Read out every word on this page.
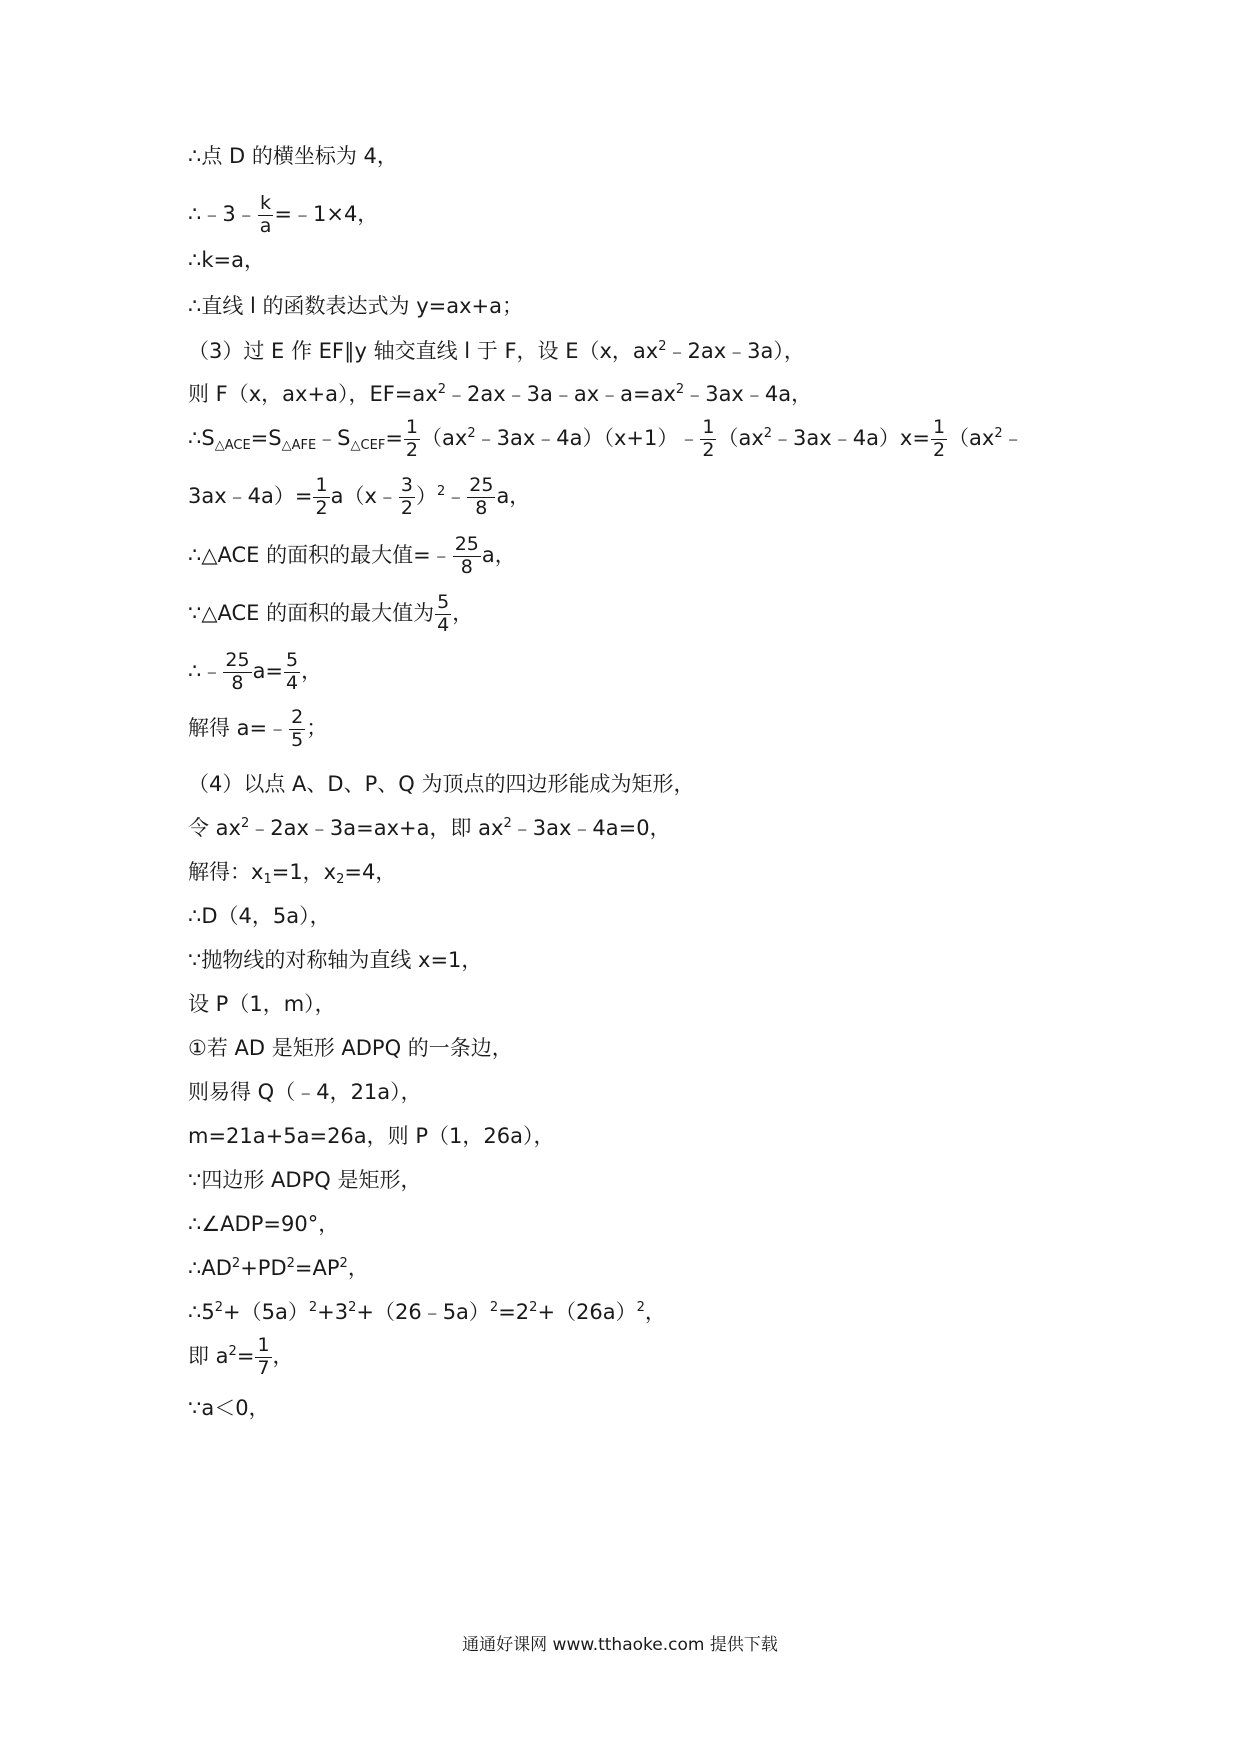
∴点 D 的横坐标为 4，
∴﹣3﹣ $\frac{k}{a}$ =﹣1×4，
∴k=a，
∴直线 l 的函数表达式为 y=ax+a；
（3）过 E 作 EF∥y 轴交直线 l 于 F，设 E（x，$ax^2﹣2ax﹣3a$），
则 F（x，ax+a），$EF=ax^2﹣2ax﹣3a﹣ax﹣a=ax^2﹣3ax﹣4a$，
$\therefore S_{\triangle ACE}=S_{\triangle AFE}﹣S_{\triangle CEF}= \frac{1}{2}$ $(ax^2﹣3ax﹣4a)(x+1)﹣ \frac{1}{2}$ $(ax^2﹣3ax﹣4a)x= \frac{1}{2}$ （$ax^2﹣$
3ax﹣4a）= $\frac{1}{2}$ a（x﹣ $\frac{3}{2}$ ）$^2$﹣ $\frac{25}{8}$ a，
∴△ACE 的面积的最大值=﹣ $\frac{25}{8}$ a，
∵△ACE 的面积的最大值为 $\frac{5}{4}$ ，
∴﹣ $\frac{25}{8} a= \frac{5}{4}$ ，
解得 a=﹣ $\frac{2}{5}$ ；
（4）以点 A、D、P、Q 为顶点的四边形能成为矩形，
令 $ax^2﹣2ax﹣3a=ax+a$，即 $ax^2﹣3ax﹣4a=0$，
解得：$x_1=1$，$x_2=4$，
∴D（4，5a），
∵抛物线的对称轴为直线 x=1，
设 P（1，m），
①若 AD 是矩形 ADPQ 的一条边，
则易得 Q（﹣4，21a），
m=21a+5a=26a，则 P（1，26a），
∵四边形 ADPQ 是矩形，
∴∠ADP=90°，
$\therefore AD^2+PD^2=AP^2$，
$\therefore 5^2+(5a)^2+3^2+(26﹣5a)^2=2^2+(26a)^2$，
即 $a^2= \frac{1}{7}$ ，
∵a＜0，
通通好课网 www.tthaoke.com 提供下载
